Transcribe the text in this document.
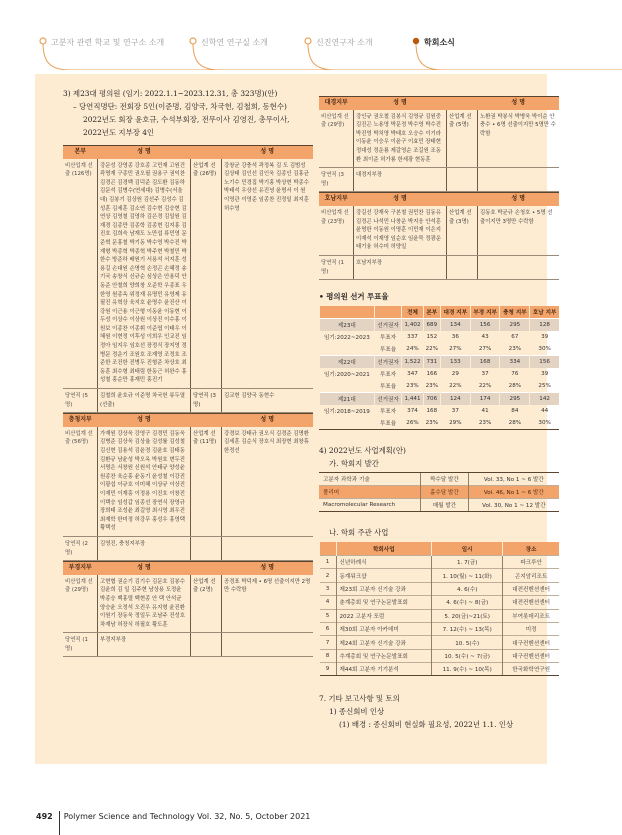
고분자 관련 학교 및 연구소 소개	신학연 연구실 소개	신진연구자 소개	학회소식
3) 제23대 평의원 (임기: 2022.1.1~2023.12.31, 총 323명)(안)
– 당연직명단: 전회장 5인(이준명, 김양국, 차국헌, 김철희, 동현수)
2022년도 회장 윤호규, 수석부회장, 전무이사 김영진, 총무이사,
2022년도 지부장 4인
본부	성 명		성 명
비산업계 선출 (126명)	강문성 강영종 강호종 고민재 고원건 곽명재 구종민 권오필 권용구 권익찬 김경곤 김경백 김덕준 김도환 김동하 김문석 김병수(연세대) 김병수(서울대) 김봉기 김상원 김선주 김성수 김성훈 김세훈 김소연 김수현 김승현 김연상 김영철 김영하 김은경 김일원 김재경 김종만 김종학 김종현 김지홍 김진호 김희숙 남재도 노만섭 류민영 문준혁 문홍철 박기동 박수영 박수진 박재형 박종혁 박종혁 박주현 박철민 박한수 방준하 배원기 서용석 서지훈 성용길 손대원 손명혁 손정곤 손혜정 송기국 송창식 신규순 심상은 안용덕 안동준 안철희 양희창 오준학 우종표 우한영 원종옥 위정재 유명민 유영제 유필진 유혁상 육지호 윤명수 윤진산 이강원 이근용 이근형 이동윤 이동현 이두성 이상수 이상원 이상진 이수홍 이원보 이종찬 이종휘 이준엽 이태우 이혜원 이현정 이후성 이희우 인교진 임정아 임지우 임호선 장정식 장지영 정병문 정운기 조원호 조재영 조정호 조준한 조진한 진병두 진형준 차상호 최동훈 최수형 최태림 한동근 허완수 홍성철 홍순만 홍재민 홍진기	산업계 선출 (26명)	강창균 강충석 곽정복 김 도 김범성 김상태 김인선 김인욱 김종인 김홍균 노기수 민경집 박기홍 박상현 박종수 박태석 우상선 유진녕 윤명서 이 원 이영관 이영준 임종찬 진정일 최지훈 허수영
당연직 (5명)	김철희 윤호규 이준명 차국헌 류두열(선출)	당연직 (3명)	김교현 김양국 동현수
충청지부	성 명		성 명
비산업계 선출 (56명)	가재원 강상욱 강영구 김경민 김동욱 김병준 김상욱 김상율 김성률 김성철 김신현 김용석 김윤경 김윤호 김태동 김환규 남윤성 박오옥 박원호 변두진 서명은 서창원 신원석 안태규 양성윤 원종찬 육순홍 윤동기 윤성철 이강진 이광섭 이규호 이미혜 이상규 이상진 이재민 이재흥 이정용 이진호 이창진 이택승 임성갑 임종선 장연식 장영규 장희태 조성윤 최길영 최시영 최우진 최재학 한미정 허강무 홍성우 홍영택 황택성	산업계 선출 (11명)	강경보 강태규 권오식 김경준 김명환 김세훈 김순식 장호식 최장현 최창휴 한정선
당연직 (2명)	김영진, 충청지부장		
부경지부	성 명		성 명
비산업계 선출 (29명)	고현협 권순기 김기수 김문호 김봉수 김윤희 김 일 김주현 남상용 도정윤 박종승 백홍렬 백현종 안 택 안석균 양승윤 오정석 오진우 유지형 윤진환 이원기 장동욱 정일두 조남주 진성호 차재남 허장식 허필호 황도훈	산업계 선출 (2명)	공경표 박덕제 • 6명 선출이지만 2명만 수락함
당연직 (1명)	부경지부장		
대경지부	성 명		성 명
비산업계 선출 (29명)	강인규 권오철 김봉식 김영규 김원중 김진곤 노용영 박문정 박수영 박수진 박진영 박치영 박태호 오승수 이기라 이동윤 이승우 이윤구 이효민 장태현 정대성 정운룡 제갈영순 조길원 조동환 최이준 허가룡 한세광 현동훈	산업계 선출 (5명)	노환권 박봉식 박병욱 박이순 안충수 • 6명 선출이지만 5명만 수락함
당연직 (3명)	대경지부장		
호남지부	성 명		성 명
비산업계 선출 (23명)	강길선 강재욱 구본철 권민찬 김동유 김정곤 나석민 나창운 박지웅 안석훈 윤명한 이동원 이명훈 이민재 이은지 이재석 이재영 임순호 임윤묵 정광운 태기융 허수미 허양일	산업계 선출 (3명)	김동호 박균규 손청호 • 5명 선출이지만 3명만 수락함
당연직 (1명)	호남지부장		
• 평의원 선거 투표율
		전체	본부	대경 지부	부경 지부	충청 지부	호남 지부
제23대	선거권자	1,402	689	134	156	295	128
임기:2022~2023	투표자	337	152	36	43	67	39
	투표율	24%	22%	27%	27%	23%	30%
제22대	선거권자	1,522	731	133	168	334	156
임기:2020~2021	투표자	347	166	29	37	76	39
	투표율	23%	23%	22%	22%	28%	25%
제21대	선거권자	1,441	706	124	174	295	142
임기:2018~2019	투표자	374	168	37	41	84	44
	투표율	26%	23%	29%	23%	28%	30%
4) 2022년도 사업계획(안)
가. 학회지 발간
고분자 과학과 기술	짝수달 발간	Vol. 33, No 1 ~ 6 발간
폴리머	홀수달 발간	Vol. 46, No 1 ~ 6 발간
Macromolecular Research	매월 발간	Vol. 30, No 1 ~ 12 발간
나. 학회 주관 사업
	학회사업	일시	장소
1	신년하례식	1. 7(금)	파크루안
2	동계워크샵	1. 10(월) ~ 11(화)	곤지암리조트
3	제23회 고분자 신기술 강좌	4. 6(수)	대전컨벤션센터
4	춘계총회 및 연구논문발표회	4. 6(수) ~ 8(금)	대전컨벤션센터
5	2022 고분자 포럼	5. 20(금)~21(토)	부여롯데리조트
6	제30회 고분자 아카데미	7. 12(수) ~ 13(목)	미정
7	제24회 고분자 신기술 강좌	10. 5(수)	대구컨벤션센터
8	추계총회 및 연구논문발표회	10. 5(수) ~ 7(금)	대구컨벤션센터
9	제44회 고분자 기기분석	11. 9(수) ~ 10(목)	한국화학연구원
7. 기타 보고사항 및 토의
1) 종신회비 인상
(1) 배경 : 종신회비 현실화 필요성, 2022년 1.1. 인상
492 Polymer Science and Technology Vol. 32, No. 5, October 2021
